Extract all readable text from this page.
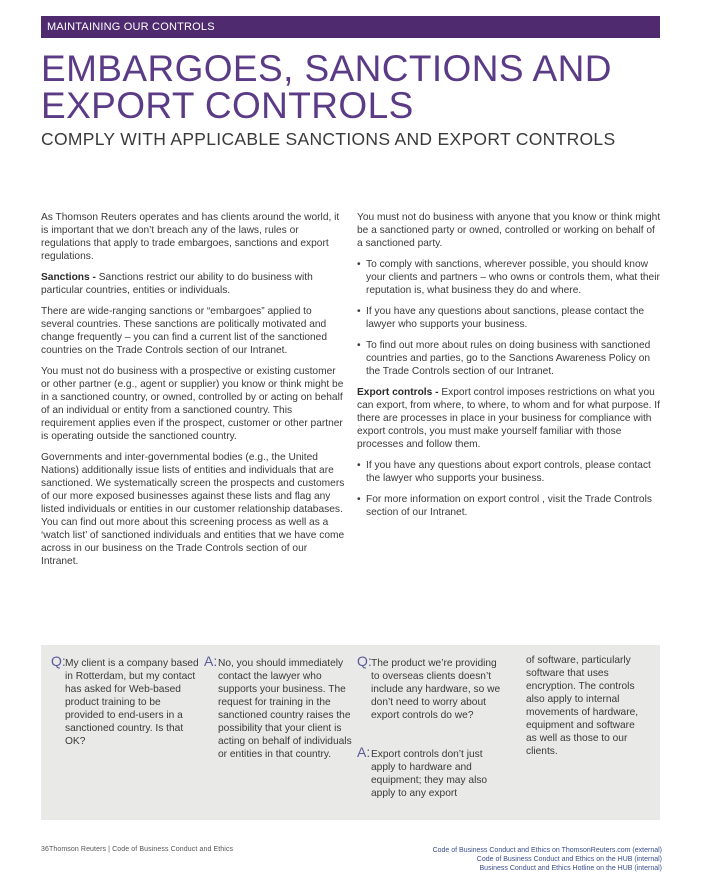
MAINTAINING OUR CONTROLS
EMBARGOES, SANCTIONS AND
EXPORT CONTROLS
COMPLY WITH APPLICABLE SANCTIONS AND EXPORT CONTROLS

As Thomson Reuters operates and has clients around the world, it is important that we don’t breach any of the laws, rules or regulations that apply to trade embargoes, sanctions and export regulations.

Sanctions - Sanctions restrict our ability to do business with particular countries, entities or individuals.

There are wide-ranging sanctions or “embargoes” applied to several countries. These sanctions are politically motivated and change frequently – you can find a current list of the sanctioned countries on the Trade Controls section of our Intranet.

You must not do business with a prospective or existing customer or other partner (e.g., agent or supplier) you know or think might be in a sanctioned country, or owned, controlled by or acting on behalf of an individual or entity from a sanctioned country. This requirement applies even if the prospect, customer or other partner is operating outside the sanctioned country.

Governments and inter-governmental bodies (e.g., the United Nations) additionally issue lists of entities and individuals that are sanctioned. We systematically screen the prospects and customers of our more exposed businesses against these lists and flag any listed individuals or entities in our customer relationship databases. You can find out more about this screening process as well as a ‘watch list’ of sanctioned individuals and entities that we have come across in our business on the Trade Controls section of our Intranet.

You must not do business with anyone that you know or think might be a sanctioned party or owned, controlled or working on behalf of a sanctioned party.

• To comply with sanctions, wherever possible, you should know your clients and partners – who owns or controls them, what their reputation is, what business they do and where.
• If you have any questions about sanctions, please contact the lawyer who supports your business.
• To find out more about rules on doing business with sanctioned countries and parties, go to the Sanctions Awareness Policy on the Trade Controls section of our Intranet.

Export controls - Export control imposes restrictions on what you can export, from where, to where, to whom and for what purpose. If there are processes in place in your business for compliance with export controls, you must make yourself familiar with those processes and follow them.

• If you have any questions about export controls, please contact the lawyer who supports your business.
• For more information on export control , visit the Trade Controls section of our Intranet.
Q: My client is a company based in Rotterdam, but my contact has asked for Web-based product training to be provided to end-users in a sanctioned country. Is that OK?
A: No, you should immediately contact the lawyer who supports your business. The request for training in the sanctioned country raises the possibility that your client is acting on behalf of individuals or entities in that country.
Q: The product we’re providing to overseas clients doesn’t include any hardware, so we don’t need to worry about export controls do we?
A: Export controls don’t just apply to hardware and equipment; they may also apply to any export
of software, particularly software that uses encryption. The controls also apply to internal movements of hardware, equipment and software as well as those to our clients.
36Thomson Reuters | Code of Business Conduct and Ethics	Code of Business Conduct and Ethics on ThomsonReuters.com (external)
Code of Business Conduct and Ethics on the HUB (internal)
Business Conduct and Ethics Hotline on the HUB (internal)
